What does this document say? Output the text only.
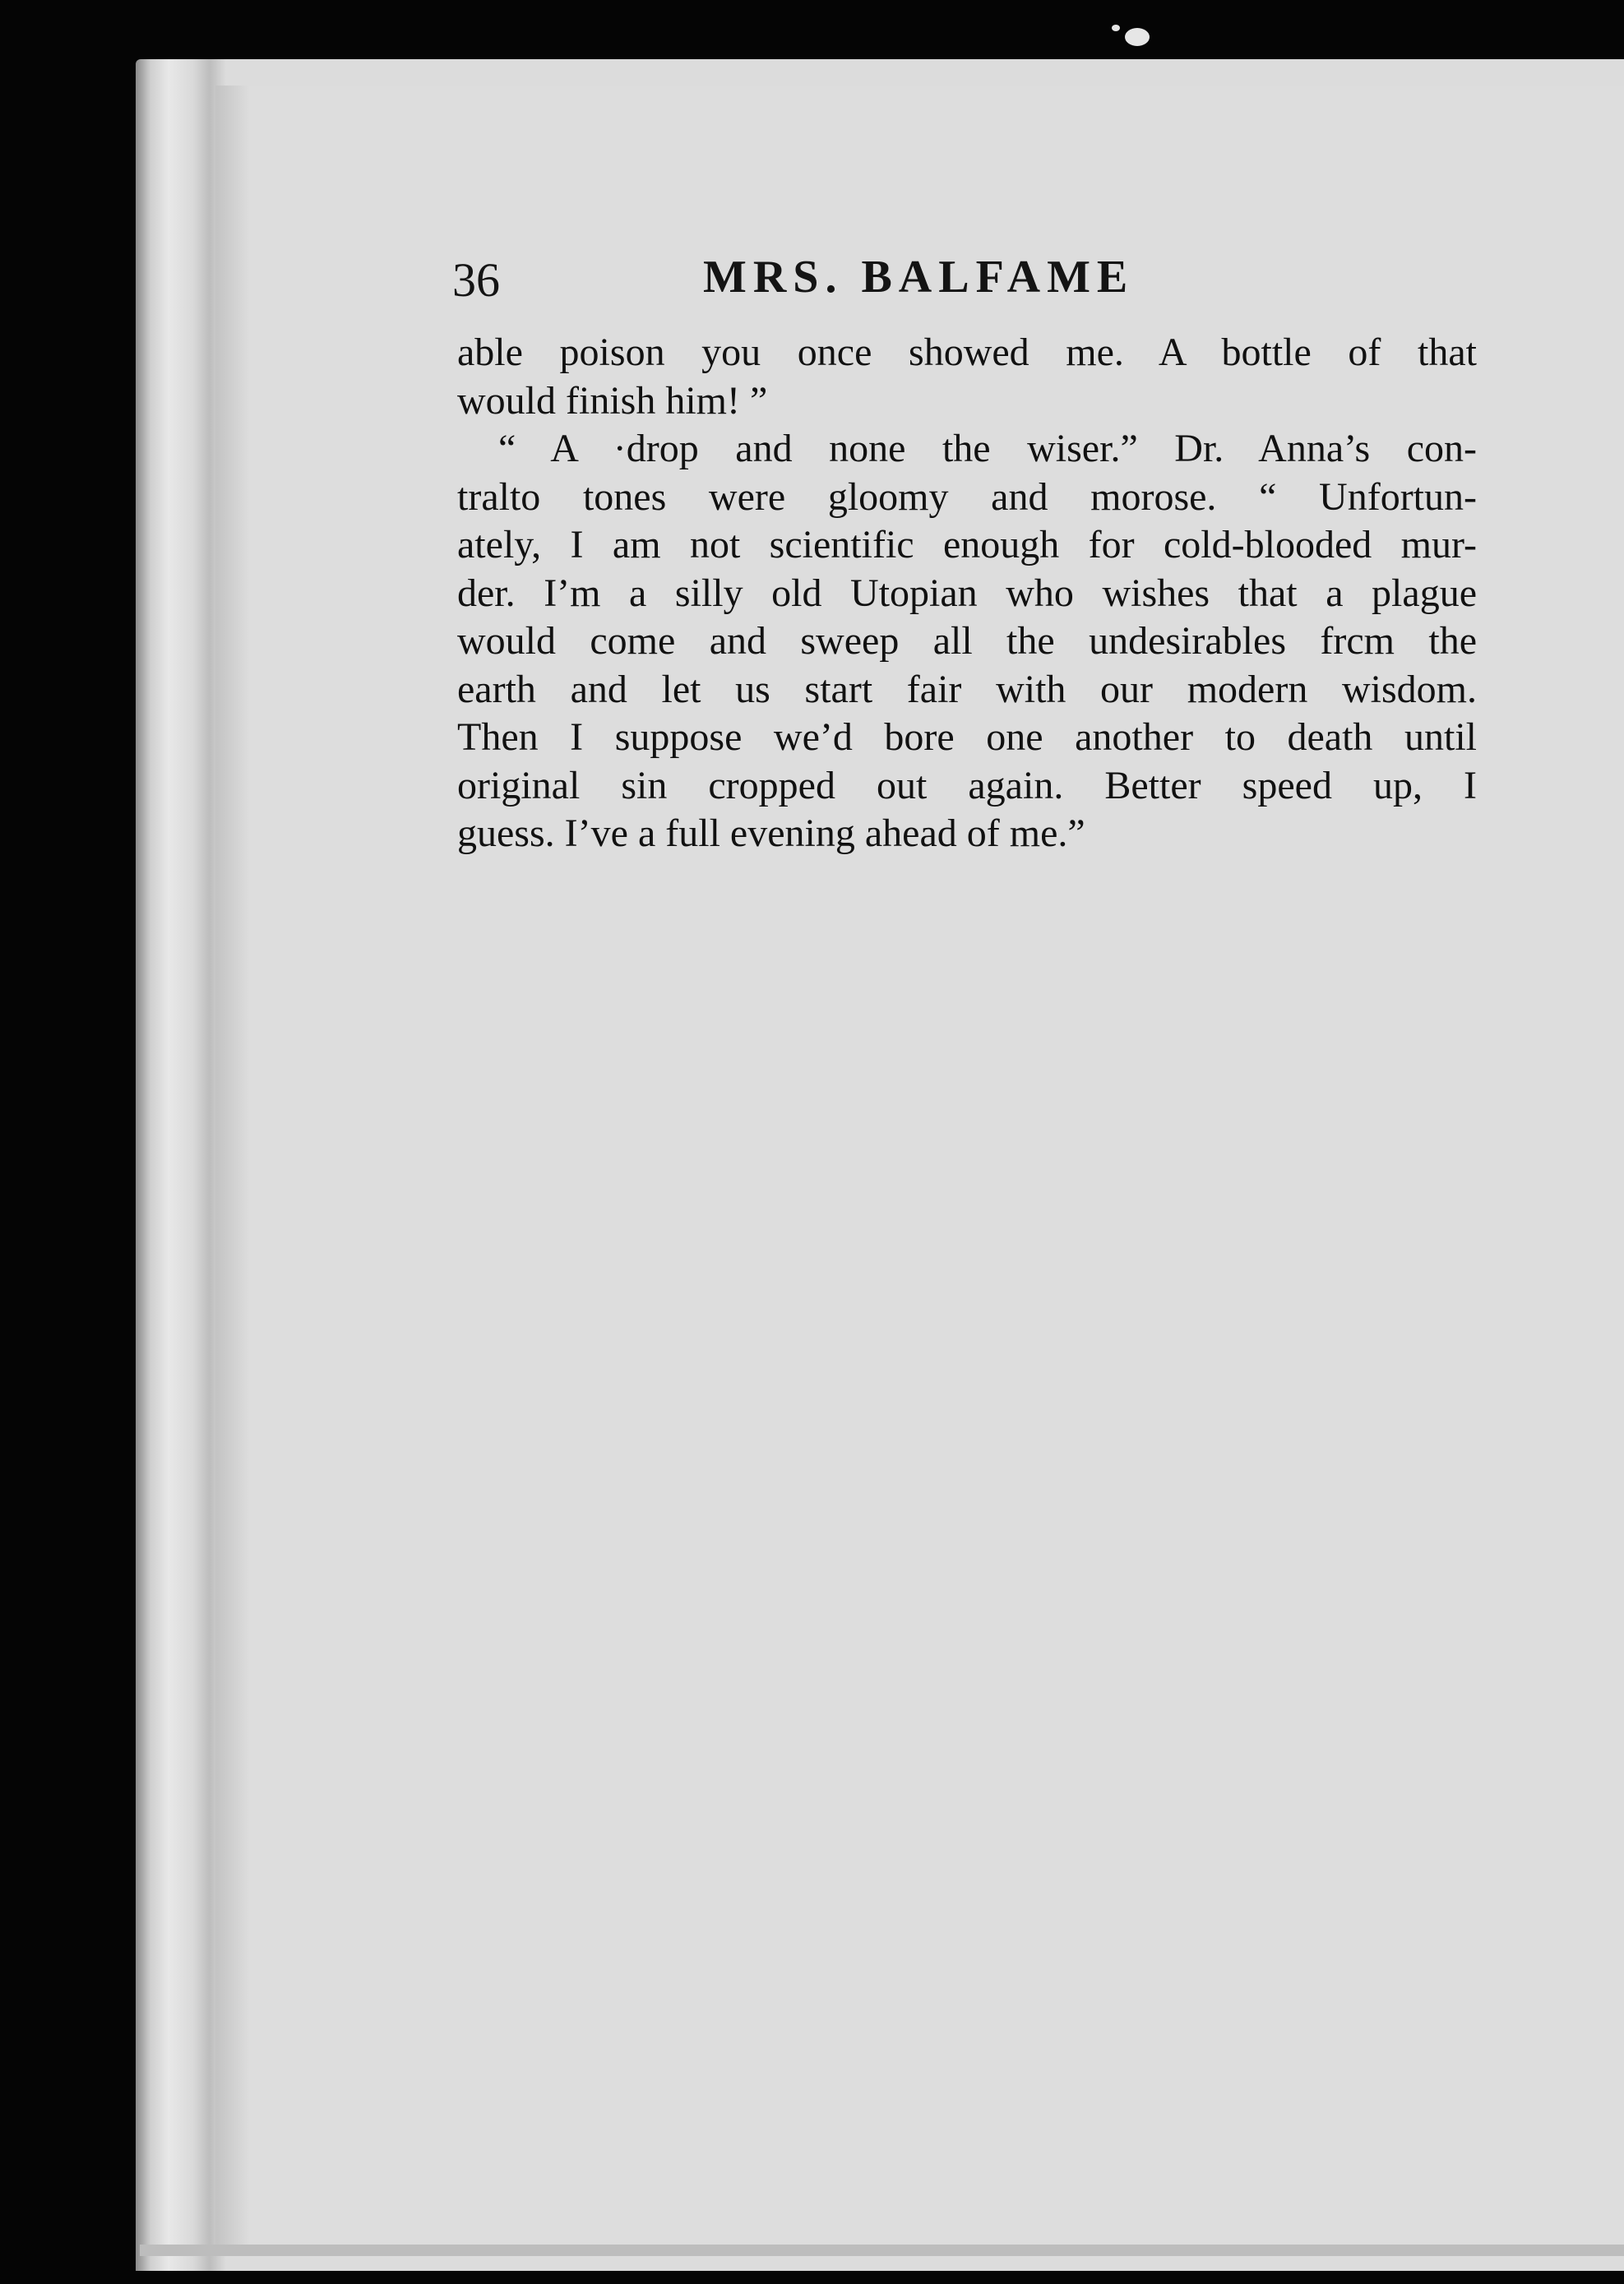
36	MRS. BALFAME
able poison you once showed me. A bottle of that
would finish him! ”
“ A ·drop and none the wiser.” Dr. Anna’s con-
tralto tones were gloomy and morose. “ Unfortun-
ately, I am not scientific enough for cold-blooded mur-
der. I’m a silly old Utopian who wishes that a plague
would come and sweep all the undesirables frcm the
earth and let us start fair with our modern wisdom.
Then I suppose we’d bore one another to death until
original sin cropped out again. Better speed up, I
guess. I’ve a full evening ahead of me.”
